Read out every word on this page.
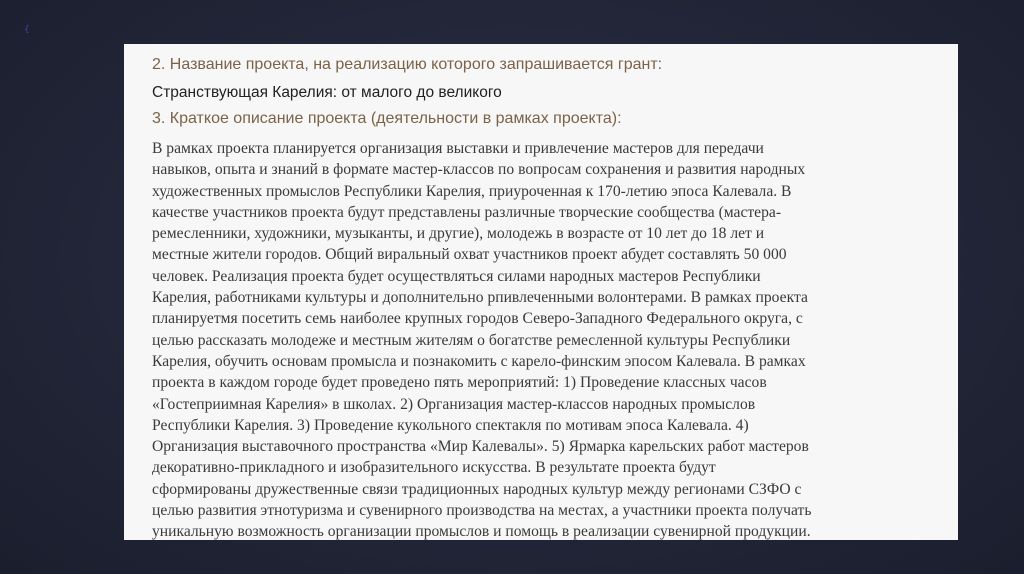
{
2. Название проекта, на реализацию которого запрашивается грант:

Странствующая Карелия: от малого до великого

3. Краткое описание проекта (деятельности в рамках проекта):
В рамках проекта планируется организация выставки и привлечение мастеров для передачи
навыков, опыта и знаний в формате мастер-классов по вопросам сохранения и развития народных
художественных промыслов Республики Карелия, приуроченная к 170-летию эпоса Калевала. В
качестве участников проекта будут представлены различные творческие сообщества (мастера-
ремесленники, художники, музыканты, и другие), молодежь в возрасте от 10 лет до 18 лет и
местные жители городов. Общий виральный охват участников проект абудет составлять 50 000
человек. Реализация проекта будет осуществляться силами народных мастеров Республики
Карелия, работниками культуры и дополнительно рпивлеченными волонтерами. В рамках проекта
планируетмя посетить семь наиболее крупных городов Северо-Западного Федерального округа, с
целью рассказать молодеже и местным жителям о богатстве ремесленной культуры Республики
Карелия, обучить основам промысла и познакомить с карело-финским эпосом Калевала. В рамках
проекта в каждом городе будет проведено пять мероприятий: 1) Проведение классных часов
«Гостеприимная Карелия» в школах. 2) Организация мастер-классов народных промыслов
Республики Карелия. 3) Проведение кукольного спектакля по мотивам эпоса Калевала. 4)
Организация выставочного пространства «Мир Калевалы». 5) Ярмарка карельских работ мастеров
декоративно-прикладного и изобразительного искусства. В результате проекта будут
сформированы дружественные связи традиционных народных культур между регионами СЗФО с
целью развития этнотуризма и сувенирного производства на местах, а участники проекта получать
уникальную возможность организации промыслов и помощь в реализации сувенирной продукции.
